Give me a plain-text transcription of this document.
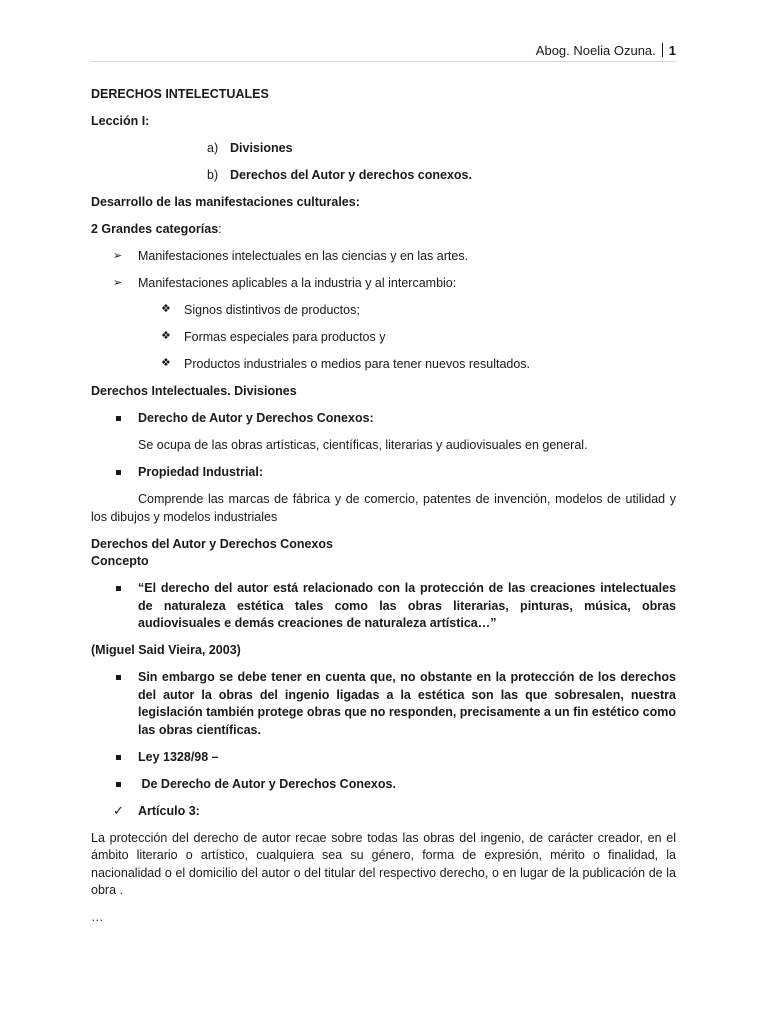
Abog. Noelia Ozuna. 1

DERECHOS INTELECTUALES

Lección I:

a) Divisiones
b) Derechos del Autor y derechos conexos.

Desarrollo de las manifestaciones culturales:

2 Grandes categorías:

➢ Manifestaciones intelectuales en las ciencias y en las artes.
➢ Manifestaciones aplicables a la industria y al intercambio:
❖ Signos distintivos de productos;
❖ Formas especiales para productos y
❖ Productos industriales o medios para tener nuevos resultados.

Derechos Intelectuales. Divisiones

Derecho de Autor y Derechos Conexos:

Se ocupa de las obras artísticas, científicas, literarias y audiovisuales en general.

Propiedad Industrial:

Comprende las marcas de fábrica y de comercio, patentes de invención, modelos de utilidad y los dibujos y modelos industriales

Derechos del Autor y Derechos Conexos

Concepto

“El derecho del autor está relacionado con la protección de las creaciones intelectuales de naturaleza estética tales como las obras literarias, pinturas, música, obras audiovisuales e demás creaciones de naturaleza artística…”

(Miguel Said Vieira, 2003)

Sin embargo se debe tener en cuenta que, no obstante en la protección de los derechos del autor la obras del ingenio ligadas a la estética son las que sobresalen, nuestra legislación también protege obras que no responden, precisamente a un fin estético como las obras científicas.
Ley 1328/98 –
De Derecho de Autor y Derechos Conexos.
✓ Artículo 3:

La protección del derecho de autor recae sobre todas las obras del ingenio, de carácter creador, en el ámbito literario o artístico, cualquiera sea su género, forma de expresión, mérito o finalidad, la nacionalidad o el domicilio del autor o del titular del respectivo derecho, o en lugar de la publicación de la obra .

…
